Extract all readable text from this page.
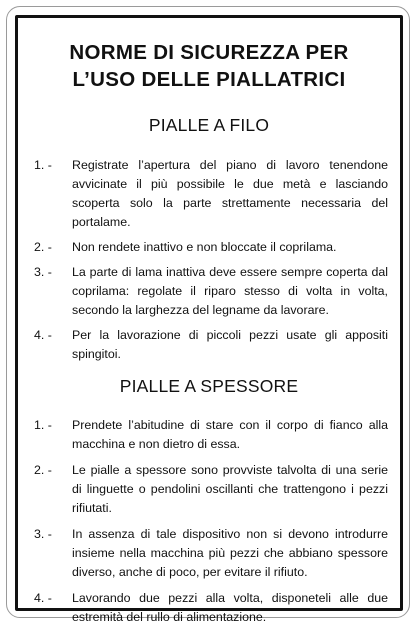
NORME DI SICUREZZA PER
L’USO DELLE PIALLATRICI
PIALLE A FILO
1. -	Registrate l’apertura del piano di lavoro tenendone avvicinate il più possibile le due metà e lasciando scoperta solo la parte strettamente necessaria del portalame.
2. -	Non rendete inattivo e non bloccate il coprilama.
3. -	La parte di lama inattiva deve essere sempre coperta dal coprilama: regolate il riparo stesso di volta in volta, secondo la larghezza del legname da lavorare.
4. -	Per la lavorazione di piccoli pezzi usate gli appositi spingitoi.
PIALLE A SPESSORE
1. -	Prendete l’abitudine di stare con il corpo di fianco alla macchina e non dietro di essa.
2. -	Le pialle a spessore sono provviste talvolta di una serie di linguette o pendolini oscillanti che trattengono i pezzi rifiutati.
3. -	In assenza di tale dispositivo non si devono introdurre insieme nella macchina più pezzi che abbiano spessore diverso, anche di poco, per evitare il rifiuto.
4. -	Lavorando due pezzi alla volta, disponeteli alle due estremità del rullo di alimentazione.
